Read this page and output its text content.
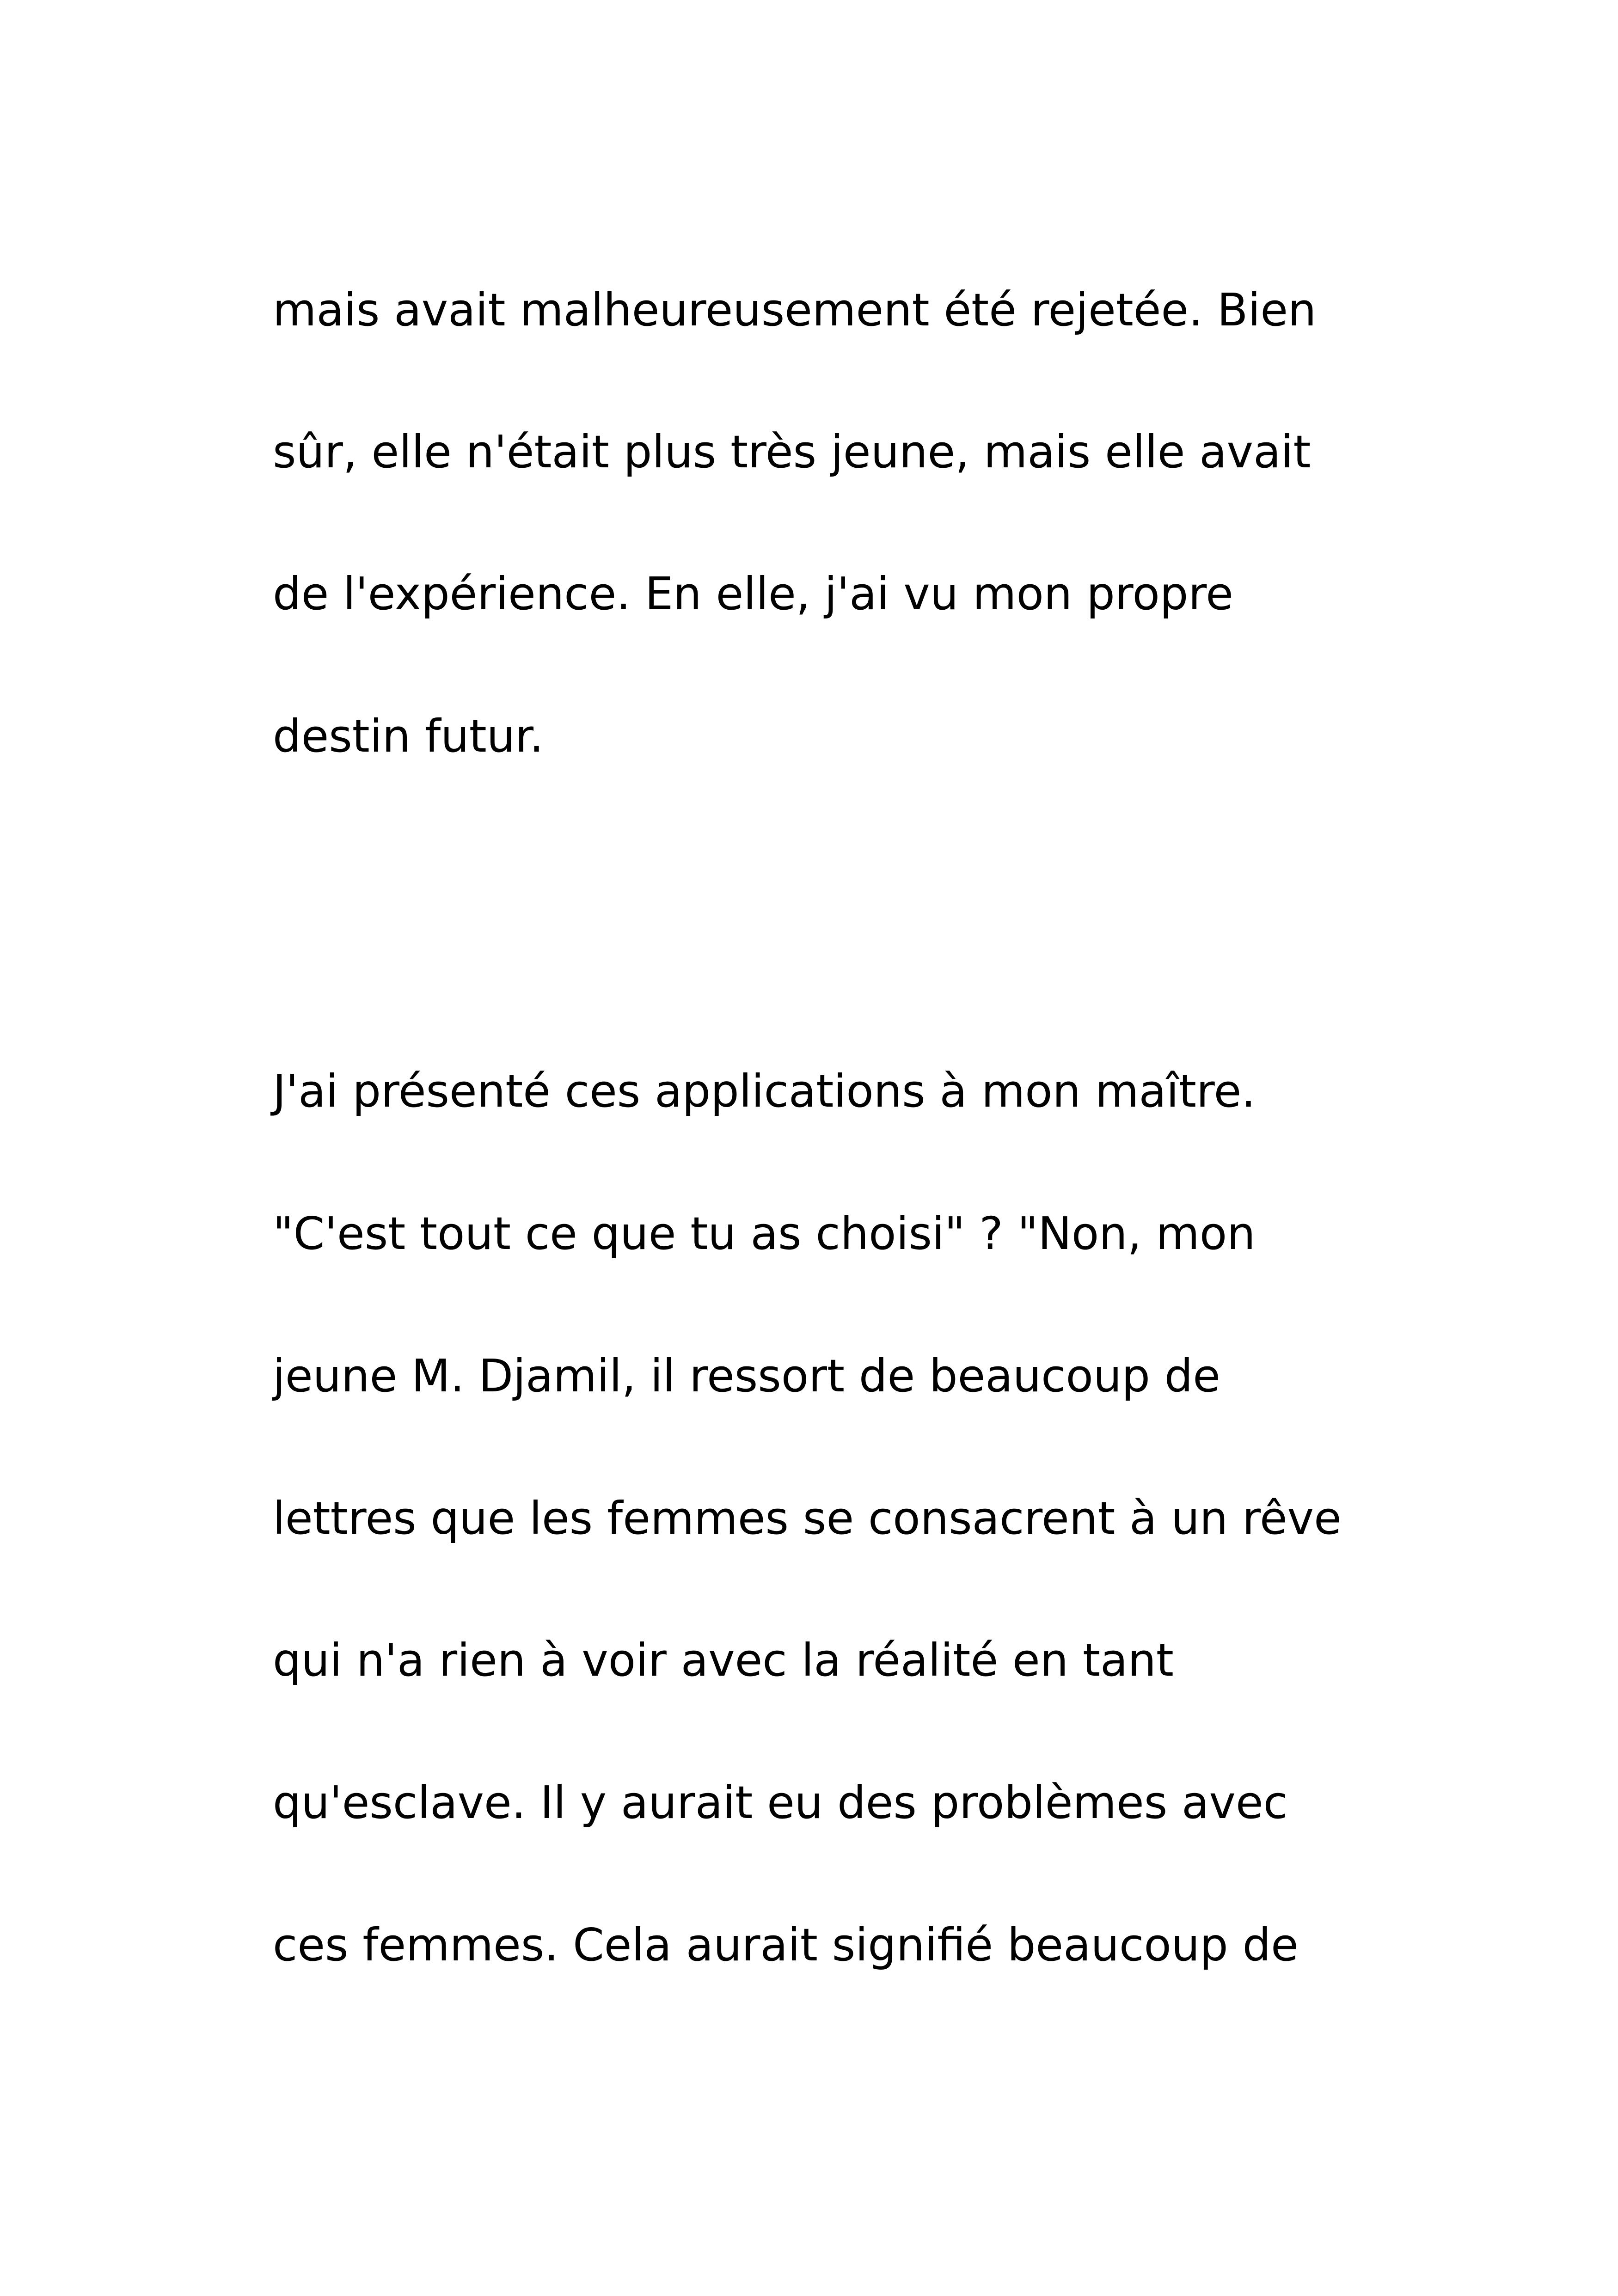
mais avait malheureusement été rejetée. Bien
sûr, elle n'était plus très jeune, mais elle avait
de l'expérience. En elle, j'ai vu mon propre
destin futur.
J'ai présenté ces applications à mon maître.
"C'est tout ce que tu as choisi" ? "Non, mon
jeune M. Djamil, il ressort de beaucoup de
lettres que les femmes se consacrent à un rêve
qui n'a rien à voir avec la réalité en tant
qu'esclave. Il y aurait eu des problèmes avec
ces femmes. Cela aurait signifié beaucoup de
